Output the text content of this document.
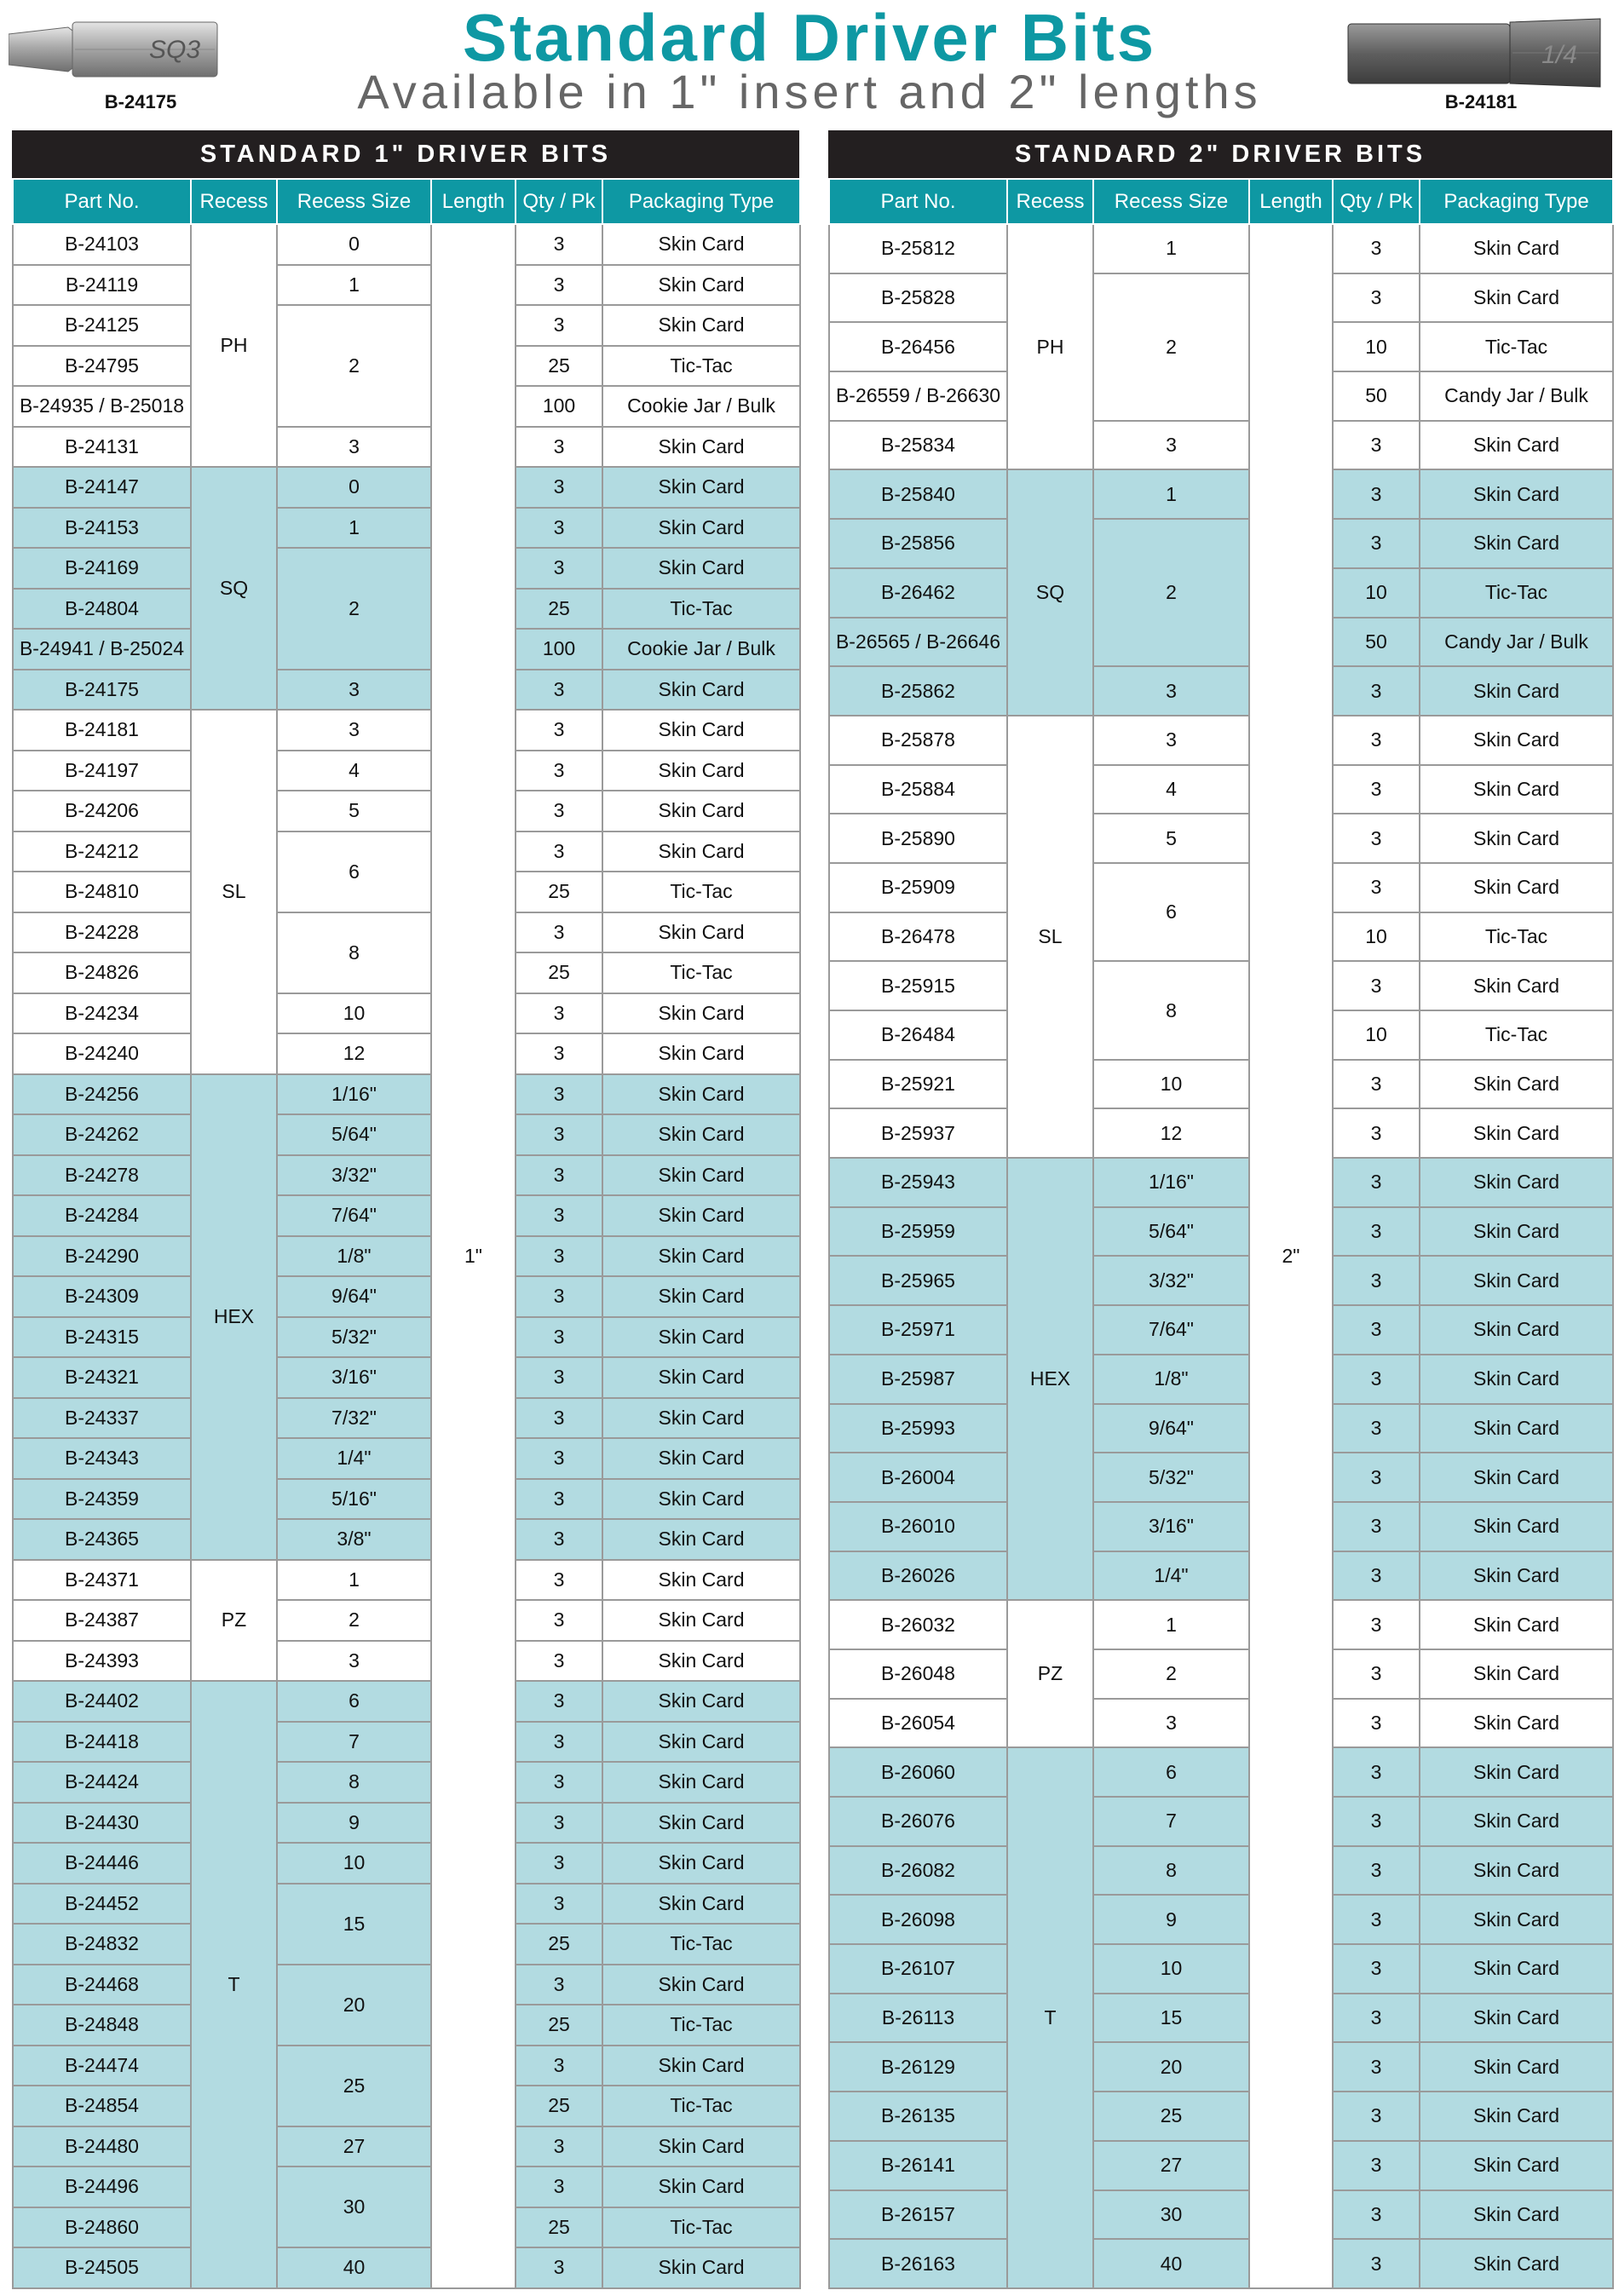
SQ3
B-24175
Standard Driver Bits
Available in 1" insert and 2" lengths
1/4
B-24181
STANDARD 1" DRIVER BITS
Part No.	Recess	Recess Size	Length	Qty / Pk	Packaging Type
B-24103	PH	0	1"	3	Skin Card
B-24119		1		3	Skin Card
B-24125		2		3	Skin Card
B-24795				25	Tic-Tac
B-24935 / B-25018				100	Cookie Jar / Bulk
B-24131		3		3	Skin Card
B-24147	SQ	0		3	Skin Card
B-24153		1		3	Skin Card
B-24169		2		3	Skin Card
B-24804				25	Tic-Tac
B-24941 / B-25024				100	Cookie Jar / Bulk
B-24175		3		3	Skin Card
B-24181	SL	3		3	Skin Card
B-24197		4		3	Skin Card
B-24206		5		3	Skin Card
B-24212		6		3	Skin Card
B-24810				25	Tic-Tac
B-24228		8		3	Skin Card
B-24826				25	Tic-Tac
B-24234		10		3	Skin Card
B-24240		12		3	Skin Card
B-24256	HEX	1/16"		3	Skin Card
B-24262		5/64"		3	Skin Card
B-24278		3/32"		3	Skin Card
B-24284		7/64"		3	Skin Card
B-24290		1/8"		3	Skin Card
B-24309		9/64"		3	Skin Card
B-24315		5/32"		3	Skin Card
B-24321		3/16"		3	Skin Card
B-24337		7/32"		3	Skin Card
B-24343		1/4"		3	Skin Card
B-24359		5/16"		3	Skin Card
B-24365		3/8"		3	Skin Card
B-24371	PZ	1		3	Skin Card
B-24387		2		3	Skin Card
B-24393		3		3	Skin Card
B-24402	T	6		3	Skin Card
B-24418		7		3	Skin Card
B-24424		8		3	Skin Card
B-24430		9		3	Skin Card
B-24446		10		3	Skin Card
B-24452		15		3	Skin Card
B-24832				25	Tic-Tac
B-24468		20		3	Skin Card
B-24848				25	Tic-Tac
B-24474		25		3	Skin Card
B-24854				25	Tic-Tac
B-24480		27		3	Skin Card
B-24496		30		3	Skin Card
B-24860				25	Tic-Tac
B-24505		40		3	Skin Card
STANDARD 2" DRIVER BITS
Part No.	Recess	Recess Size	Length	Qty / Pk	Packaging Type
B-25812	PH	1	2"	3	Skin Card
B-25828		2		3	Skin Card
B-26456				10	Tic-Tac
B-26559 / B-26630				50	Candy Jar / Bulk
B-25834		3		3	Skin Card
B-25840	SQ	1		3	Skin Card
B-25856		2		3	Skin Card
B-26462				10	Tic-Tac
B-26565 / B-26646				50	Candy Jar / Bulk
B-25862		3		3	Skin Card
B-25878	SL	3		3	Skin Card
B-25884		4		3	Skin Card
B-25890		5		3	Skin Card
B-25909		6		3	Skin Card
B-26478				10	Tic-Tac
B-25915		8		3	Skin Card
B-26484				10	Tic-Tac
B-25921		10		3	Skin Card
B-25937		12		3	Skin Card
B-25943	HEX	1/16"		3	Skin Card
B-25959		5/64"		3	Skin Card
B-25965		3/32"		3	Skin Card
B-25971		7/64"		3	Skin Card
B-25987		1/8"		3	Skin Card
B-25993		9/64"		3	Skin Card
B-26004		5/32"		3	Skin Card
B-26010		3/16"		3	Skin Card
B-26026		1/4"		3	Skin Card
B-26032	PZ	1		3	Skin Card
B-26048		2		3	Skin Card
B-26054		3		3	Skin Card
B-26060	T	6		3	Skin Card
B-26076		7		3	Skin Card
B-26082		8		3	Skin Card
B-26098		9		3	Skin Card
B-26107		10		3	Skin Card
B-26113		15		3	Skin Card
B-26129		20		3	Skin Card
B-26135		25		3	Skin Card
B-26141		27		3	Skin Card
B-26157		30		3	Skin Card
B-26163		40		3	Skin Card
